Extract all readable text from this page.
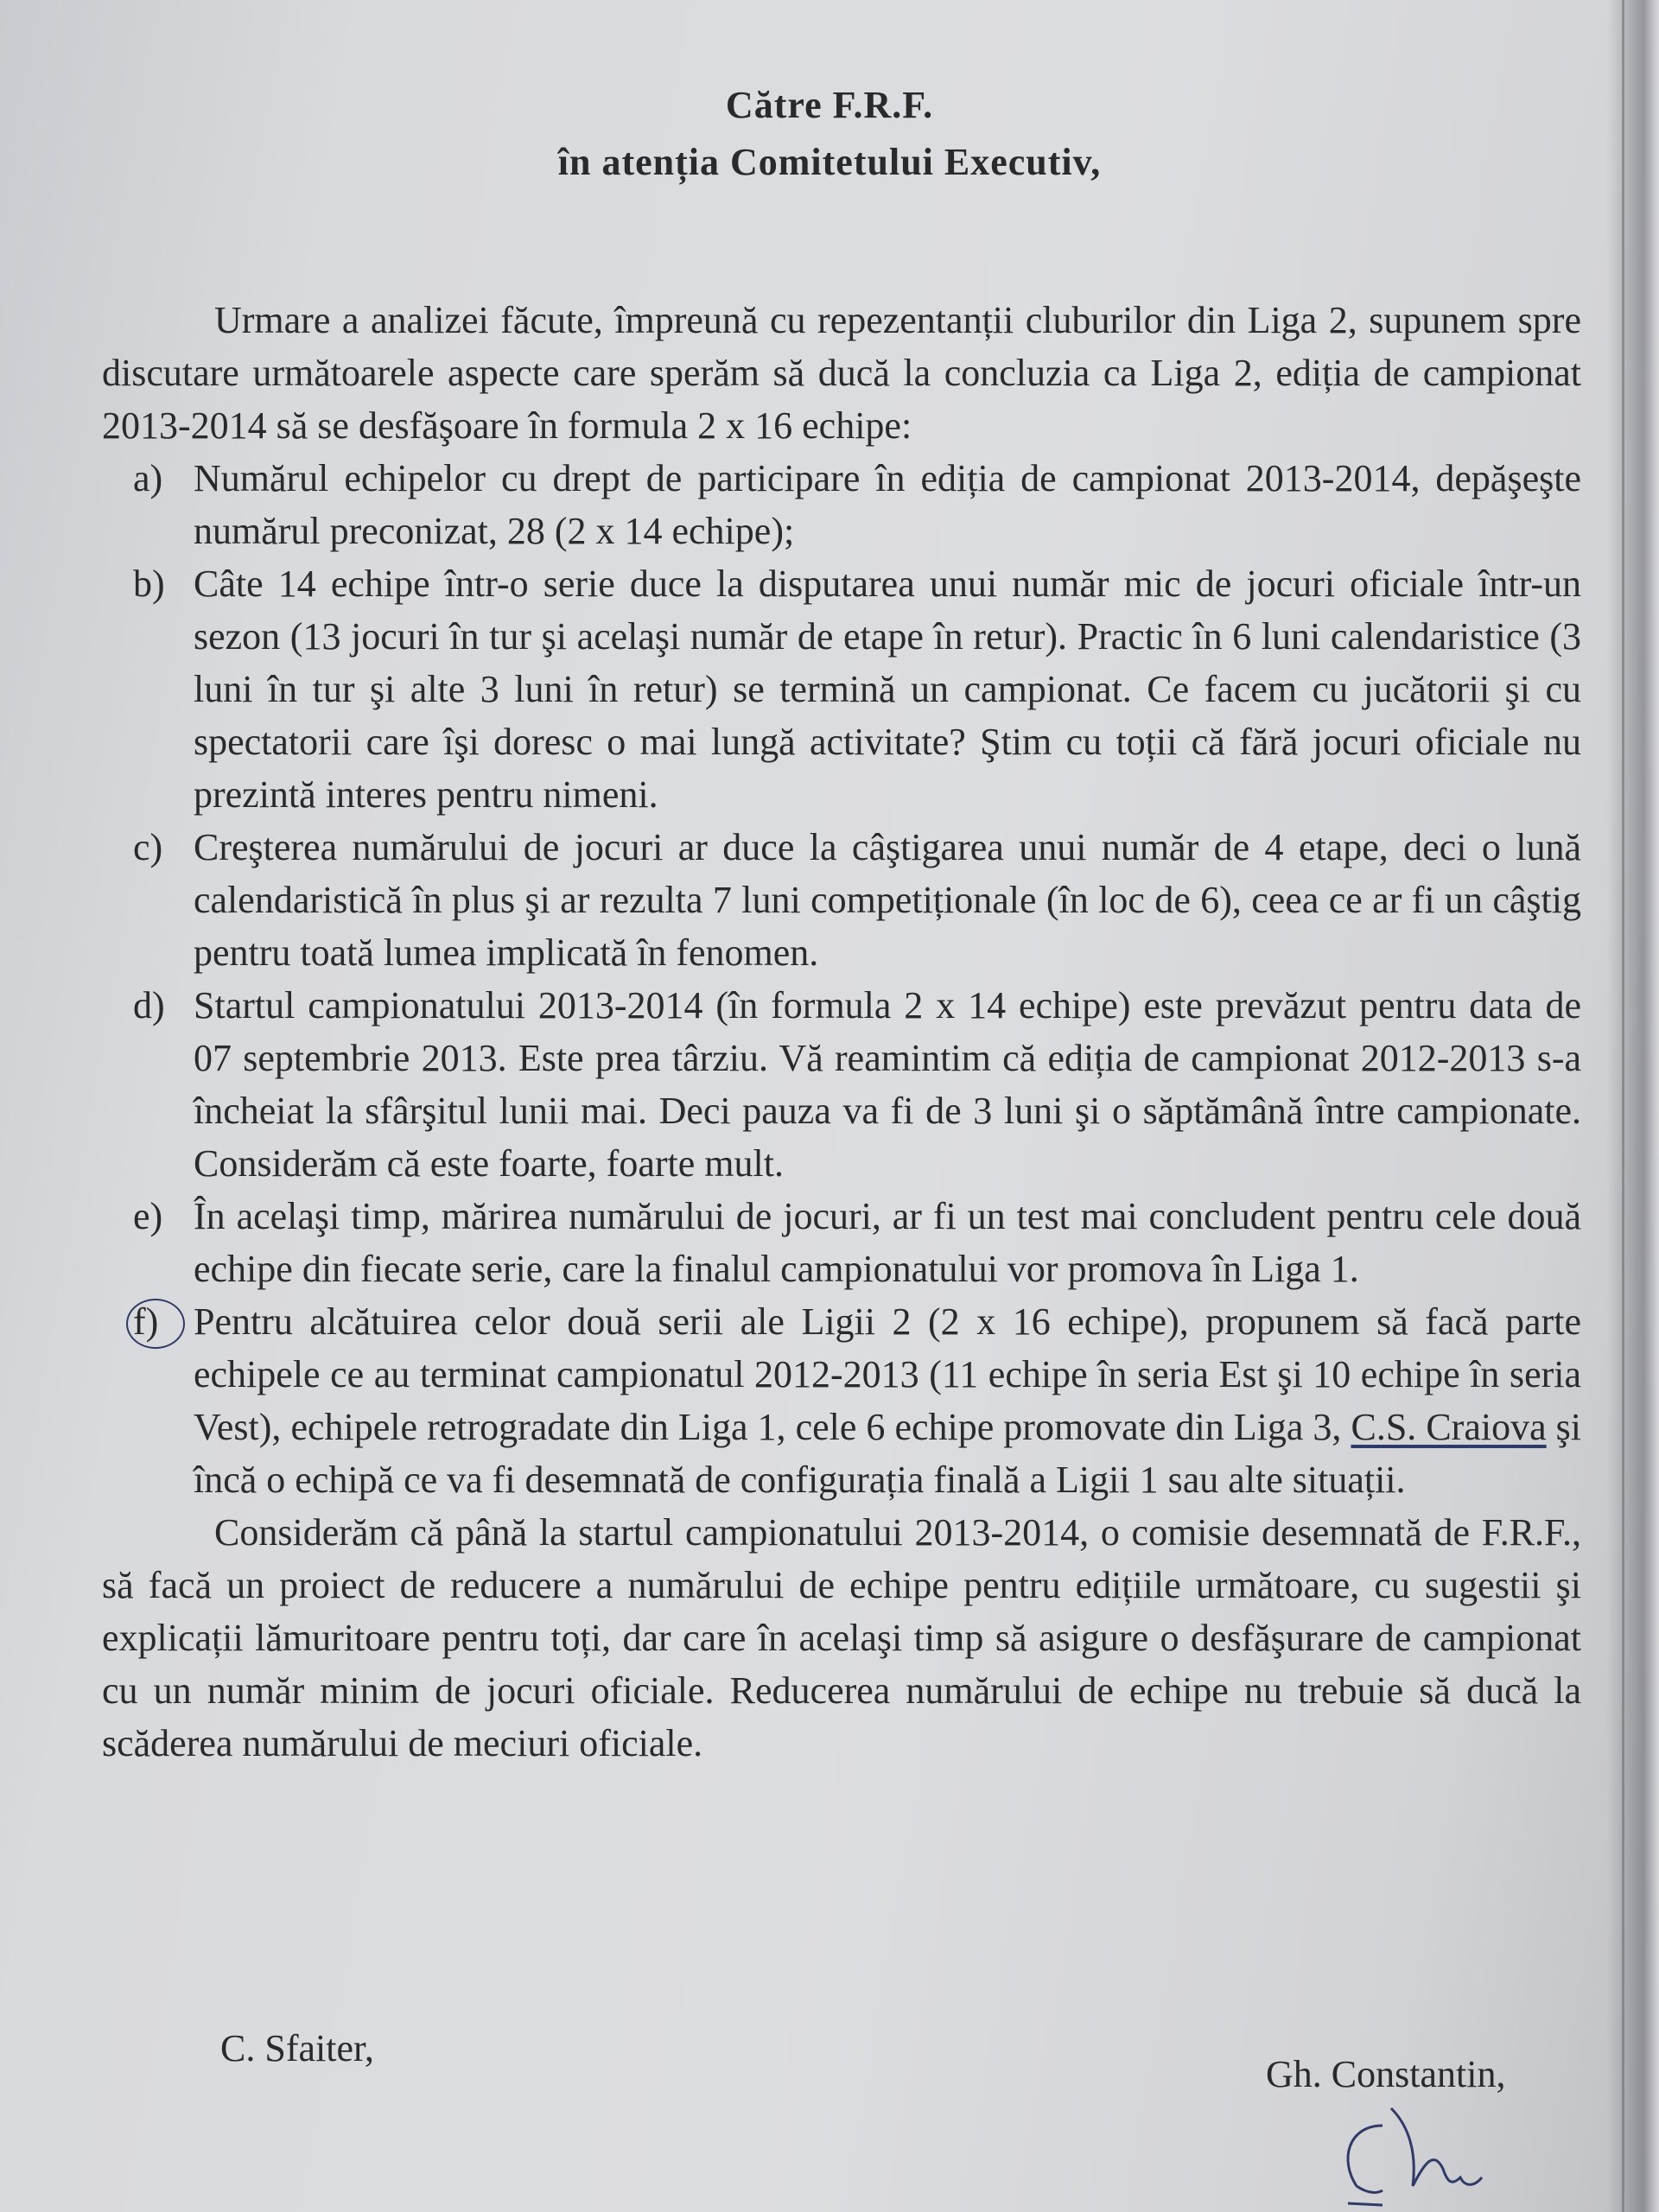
Către F.R.F.
în atenția Comitetului Executiv,

Urmare a analizei făcute, împreună cu repezentanții cluburilor din Liga 2, supunem spre discutare următoarele aspecte care sperăm să ducă la concluzia ca Liga 2, ediția de campionat 2013-2014 să se desfăşoare în formula 2 x 16 echipe:

a) Numărul echipelor cu drept de participare în ediția de campionat 2013-2014, depăşeşte numărul preconizat, 28 (2 x 14 echipe);
b) Câte 14 echipe într-o serie duce la disputarea unui număr mic de jocuri oficiale într-un sezon (13 jocuri în tur şi acelaşi număr de etape în retur). Practic în 6 luni calendaristice (3 luni în tur şi alte 3 luni în retur) se termină un campionat. Ce facem cu jucătorii şi cu spectatorii care îşi doresc o mai lungă activitate? Ştim cu toții că fără jocuri oficiale nu prezintă interes pentru nimeni.
c) Creşterea numărului de jocuri ar duce la câştigarea unui număr de 4 etape, deci o lună calendaristică în plus şi ar rezulta 7 luni competiționale (în loc de 6), ceea ce ar fi un câştig pentru toată lumea implicată în fenomen.
d) Startul campionatului 2013-2014 (în formula 2 x 14 echipe) este prevăzut pentru data de 07 septembrie 2013. Este prea târziu. Vă reamintim că ediția de campionat 2012-2013 s-a încheiat la sfârşitul lunii mai. Deci pauza va fi de 3 luni şi o săptămână între campionate. Considerăm că este foarte, foarte mult.
e) În acelaşi timp, mărirea numărului de jocuri, ar fi un test mai concludent pentru cele două echipe din fiecate serie, care la finalul campionatului vor promova în Liga 1.
f) Pentru alcătuirea celor două serii ale Ligii 2 (2 x 16 echipe), propunem să facă parte echipele ce au terminat campionatul 2012-2013 (11 echipe în seria Est şi 10 echipe în seria Vest), echipele retrogradate din Liga 1, cele 6 echipe promovate din Liga 3, C.S. Craiova şi încă o echipă ce va fi desemnată de configurația finală a Ligii 1 sau alte situații.

Considerăm că până la startul campionatului 2013-2014, o comisie desemnată de F.R.F., să facă un proiect de reducere a numărului de echipe pentru edițiile următoare, cu sugestii şi explicații lămuritoare pentru toți, dar care în acelaşi timp să asigure o desfăşurare de campionat cu un număr minim de jocuri oficiale. Reducerea numărului de echipe nu trebuie să ducă la scăderea numărului de meciuri oficiale.

C. Sfaiter,
Gh. Constantin,
